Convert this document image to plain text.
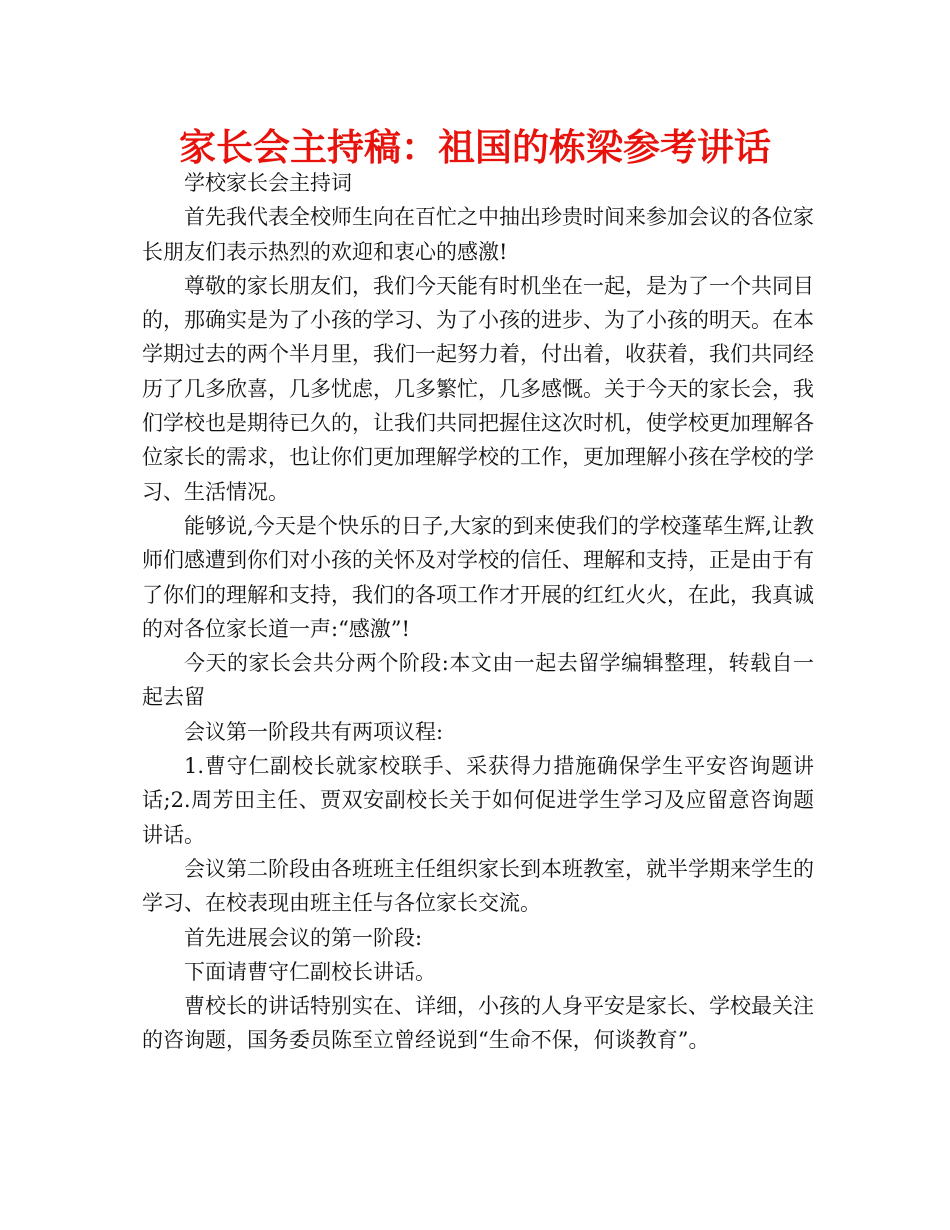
家长会主持稿：祖国的栋梁参考讲话

学校家长会主持词

首先我代表全校师生向在百忙之中抽出珍贵时间来参加会议的各位家长朋友们表示热烈的欢迎和衷心的感激!

尊敬的家长朋友们，我们今天能有时机坐在一起，是为了一个共同目的，那确实是为了小孩的学习、为了小孩的进步、为了小孩的明天。在本学期过去的两个半月里，我们一起努力着，付出着，收获着，我们共同经历了几多欣喜，几多忧虑，几多繁忙，几多感慨。关于今天的家长会，我们学校也是期待已久的，让我们共同把握住这次时机，使学校更加理解各位家长的需求，也让你们更加理解学校的工作，更加理解小孩在学校的学习、生活情况。

能够说,今天是个快乐的日子,大家的到来使我们的学校蓬荜生辉,让教师们感遭到你们对小孩的关怀及对学校的信任、理解和支持，正是由于有了你们的理解和支持，我们的各项工作才开展的红红火火，在此，我真诚的对各位家长道一声:“感激”!

今天的家长会共分两个阶段:本文由一起去留学编辑整理，转载自一起去留

会议第一阶段共有两项议程:

1.曹守仁副校长就家校联手、采获得力措施确保学生平安咨询题讲话;2.周芳田主任、贾双安副校长关于如何促进学生学习及应留意咨询题讲话。

会议第二阶段由各班班主任组织家长到本班教室，就半学期来学生的学习、在校表现由班主任与各位家长交流。

首先进展会议的第一阶段:

下面请曹守仁副校长讲话。

曹校长的讲话特别实在、详细，小孩的人身平安是家长、学校最关注的咨询题，国务委员陈至立曾经说到“生命不保，何谈教育”。
